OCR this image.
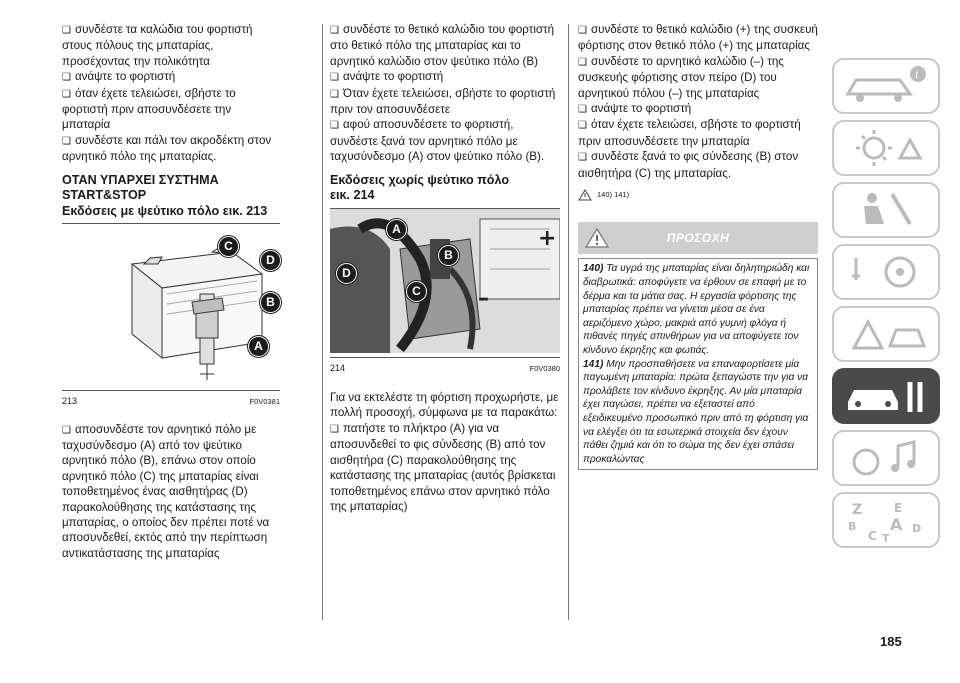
❑ συνδέστε τα καλώδια του φορτιστή στους πόλους της μπαταρίας, προσέχοντας την πολικότητα

❑ ανάψτε το φορτιστή

❑ όταν έχετε τελειώσει, σβήστε το φορτιστή πριν αποσυνδέσετε την μπαταρία

❑ συνδέστε και πάλι τον ακροδέκτη στον αρνητικό πόλο της μπαταρίας.

ΟΤΑΝ ΥΠΑΡΧΕΙ ΣΥΣΤΗΜΑ
START&STOP
Εκδόσεις με ψεύτικο πόλο εικ. 213
C
D
B
A
213	F0V0381

❑ αποσυνδέστε τον αρνητικό πόλο με ταχυσύνδεσμο (A) από τον ψεύτικο αρνητικό πόλο (B), επάνω στον οποίο αρνητικό πόλο (C) της μπαταρίας είναι τοποθετημένος ένας αισθητήρας (D) παρακολούθησης της κατάστασης της μπαταρίας, ο οποίος δεν πρέπει ποτέ να αποσυνδεθεί, εκτός από την περίπτωση αντικατάστασης της μπαταρίας

❑ συνδέστε το θετικό καλώδιο του φορτιστή στο θετικό πόλο της μπαταρίας και το αρνητικό καλώδιο στον ψεύτικο πόλο (B)

❑ ανάψτε το φορτιστή

❑ Όταν έχετε τελειώσει, σβήστε το φορτιστή πριν τον αποσυνδέσετε

❑ αφού αποσυνδέσετε το φορτιστή, συνδέστε ξανά τον αρνητικό πόλο με ταχυσύνδεσμο (A) στον ψεύτικο πόλο (B).

Εκδόσεις χωρίς ψεύτικο πόλο
εικ. 214
+
–
A
B
D
C
214	F0V0380

Για να εκτελέστε τη φόρτιση προχωρήστε, με πολλή προσοχή, σύμφωνα με τα παρακάτω:

❑ πατήστε το πλήκτρο (A) για να αποσυνδεθεί το φις σύνδεσης (B) από τον αισθητήρα (C) παρακολούθησης της κατάστασης της μπαταρίας (αυτός βρίσκεται τοποθετημένος επάνω στον αρνητικό πόλο της μπαταρίας)

❑ συνδέστε το θετικό καλώδιο (+) της συσκευή φόρτισης στον θετικό πόλο (+) της μπαταρίας

❑ συνδέστε το αρνητικό καλώδιο (–) της συσκευής φόρτισης στον πείρο (D) του αρνητικού πόλου (–) της μπαταρίας

❑ ανάψτε το φορτιστή

❑ όταν έχετε τελειώσει, σβήστε το φορτιστή πριν αποσυνδέσετε την μπαταρία

❑ συνδέστε ξανά το φις σύνδεσης (B) στον αισθητήρα (C) της μπαταρίας.

140) 141)
ΠΡΟΣΟΧΗ

140) Τα υγρά της μπαταρίας είναι δηλητηριώδη και διαβρωτικά: αποφύγετε να έρθουν σε επαφή με το δέρμα και τα μάτια σας. Η εργασία φόρτισης της μπαταρίας πρέπει να γίνεται μέσα σε ένα αεριζόμενο χώρο, μακριά από γυμνή φλόγα ή πιθανές πηγές σπινθήρων για να αποφύγετε τον κίνδυνο έκρηξης και φωτιάς.

141) Μην προσπαθήσετε να επαναφορτίσετε μία παγωμένη μπαταρία: πρώτα ξεπαγώστε την για να προλάβετε τον κίνδυνο έκρηξης. Αν μία μπαταρία έχει παγώσει, πρέπει να εξεταστεί από εξειδικευμένο προσωπικό πριν από τη φόρτιση για να ελέγξει ότι τα εσωτερικά στοιχεία δεν έχουν πάθει ζημιά και ότι το σώμα της δεν έχει σπάσει προκαλώντας

i
Z	E
B A
C
D
T
185
